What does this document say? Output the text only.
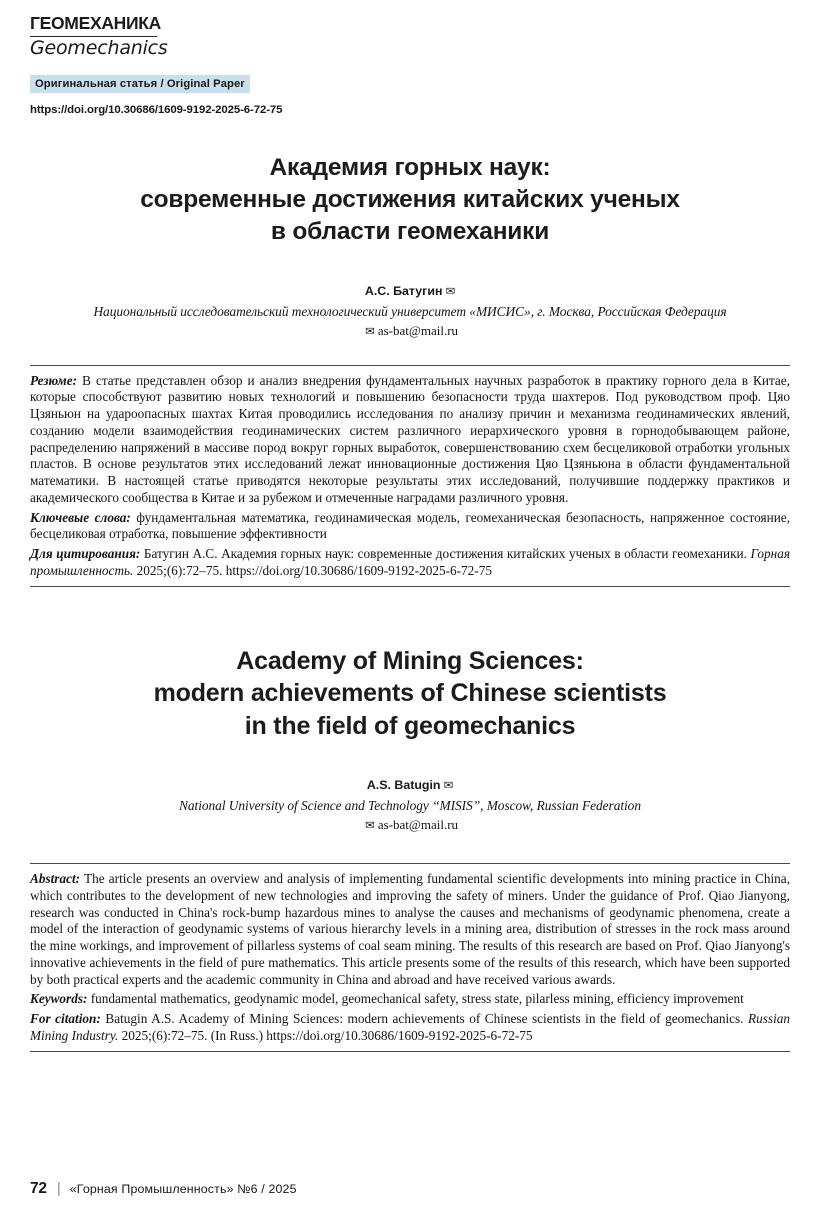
ГЕОМЕХАНИКА
Geomechanics
Оригинальная статья / Original Paper
https://doi.org/10.30686/1609-9192-2025-6-72-75
Академия горных наук:
современные достижения китайских ученых
в области геомеханики
А.С. Батугин ✉
Национальный исследовательский технологический университет «МИСИС», г. Москва, Российская Федерация
✉ as-bat@mail.ru

Резюме: В статье представлен обзор и анализ внедрения фундаментальных научных разработок в практику горного дела в Китае, которые способствуют развитию новых технологий и повышению безопасности труда шахтеров. Под руководством проф. Цяо Цзяньюн на удароопасных шахтах Китая проводились исследования по анализу причин и механизма геодинамических явлений, созданию модели взаимодействия геодинамических систем различного иерархического уровня в горнодобывающем районе, распределению напряжений в массиве пород вокруг горных выработок, совершенствованию схем бесцеликовой отработки угольных пластов. В основе результатов этих исследований лежат инновационные достижения Цяо Цзяньюна в области фундаментальной математики. В настоящей статье приводятся некоторые результаты этих исследований, получившие поддержку практиков и академического сообщества в Китае и за рубежом и отмеченные наградами различного уровня.

Ключевые слова: фундаментальная математика, геодинамическая модель, геомеханическая безопасность, напряженное состояние, бесцеликовая отработка, повышение эффективности

Для цитирования: Батугин А.С. Академия горных наук: современные достижения китайских ученых в области геомеханики. Горная промышленность. 2025;(6):72–75. https://doi.org/10.30686/1609-9192-2025-6-72-75

Academy of Mining Sciences:
modern achievements of Chinese scientists
in the field of geomechanics
A.S. Batugin ✉
National University of Science and Technology “MISIS”, Moscow, Russian Federation
✉ as-bat@mail.ru

Abstract: The article presents an overview and analysis of implementing fundamental scientific developments into mining practice in China, which contributes to the development of new technologies and improving the safety of miners. Under the guidance of Prof. Qiao Jianyong, research was conducted in China's rock-bump hazardous mines to analyse the causes and mechanisms of geodynamic phenomena, create a model of the interaction of geodynamic systems of various hierarchy levels in a mining area, distribution of stresses in the rock mass around the mine workings, and improvement of pillarless systems of coal seam mining. The results of this research are based on Prof. Qiao Jianyong's innovative achievements in the field of pure mathematics. This article presents some of the results of this research, which have been supported by both practical experts and the academic community in China and abroad and have received various awards.

Keywords: fundamental mathematics, geodynamic model, geomechanical safety, stress state, pilarless mining, efficiency improvement

For citation: Batugin A.S. Academy of Mining Sciences: modern achievements of Chinese scientists in the field of geomechanics. Russian Mining Industry. 2025;(6):72–75. (In Russ.) https://doi.org/10.30686/1609-9192-2025-6-72-75

72 | «Горная Промышленность» №6 / 2025
